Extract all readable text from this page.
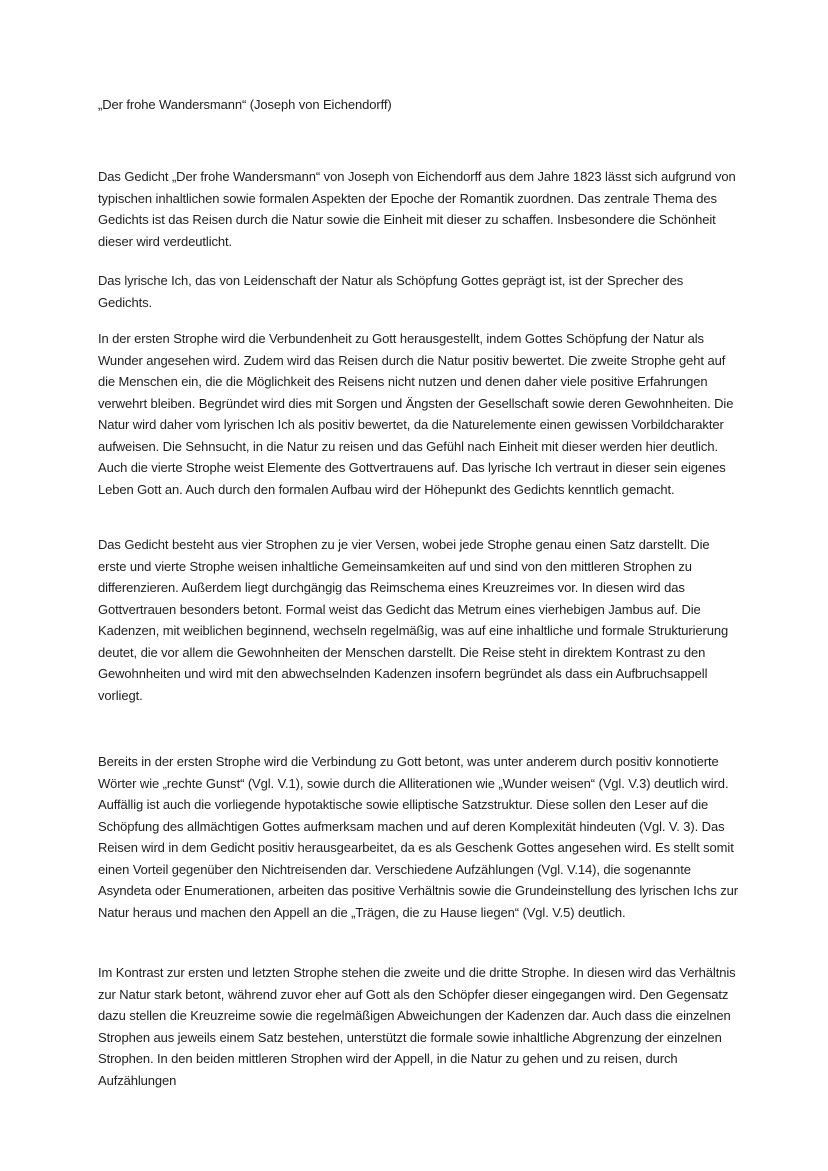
„Der frohe Wandersmann“ (Joseph von Eichendorff)

Das Gedicht „Der frohe Wandersmann“ von Joseph von Eichendorff aus dem Jahre 1823 lässt sich aufgrund von typischen inhaltlichen sowie formalen Aspekten der Epoche der Romantik zuordnen. Das zentrale Thema des Gedichts ist das Reisen durch die Natur sowie die Einheit mit dieser zu schaffen. Insbesondere die Schönheit dieser wird verdeutlicht.

Das lyrische Ich, das von Leidenschaft der Natur als Schöpfung Gottes geprägt ist, ist der Sprecher des Gedichts.

In der ersten Strophe wird die Verbundenheit zu Gott herausgestellt, indem Gottes Schöpfung der Natur als Wunder angesehen wird. Zudem wird das Reisen durch die Natur positiv bewertet. Die zweite Strophe geht auf die Menschen ein, die die Möglichkeit des Reisens nicht nutzen und denen daher viele positive Erfahrungen verwehrt bleiben. Begründet wird dies mit Sorgen und Ängsten der Gesellschaft sowie deren Gewohnheiten. Die Natur wird daher vom lyrischen Ich als positiv bewertet, da die Naturelemente einen gewissen Vorbildcharakter aufweisen. Die Sehnsucht, in die Natur zu reisen und das Gefühl nach Einheit mit dieser werden hier deutlich. Auch die vierte Strophe weist Elemente des Gottvertrauens auf. Das lyrische Ich vertraut in dieser sein eigenes Leben Gott an. Auch durch den formalen Aufbau wird der Höhepunkt des Gedichts kenntlich gemacht.

Das Gedicht besteht aus vier Strophen zu je vier Versen, wobei jede Strophe genau einen Satz darstellt. Die erste und vierte Strophe weisen inhaltliche Gemeinsamkeiten auf und sind von den mittleren Strophen zu differenzieren. Außerdem liegt durchgängig das Reimschema eines Kreuzreimes vor. In diesen wird das Gottvertrauen besonders betont. Formal weist das Gedicht das Metrum eines vierhebigen Jambus auf. Die Kadenzen, mit weiblichen beginnend, wechseln regelmäßig, was auf eine inhaltliche und formale Strukturierung deutet, die vor allem die Gewohnheiten der Menschen darstellt. Die Reise steht in direktem Kontrast zu den Gewohnheiten und wird mit den abwechselnden Kadenzen insofern begründet als dass ein Aufbruchsappell vorliegt.

Bereits in der ersten Strophe wird die Verbindung zu Gott betont, was unter anderem durch positiv konnotierte Wörter wie „rechte Gunst“ (Vgl. V.1), sowie durch die Alliterationen wie „Wunder weisen“ (Vgl. V.3) deutlich wird. Auffällig ist auch die vorliegende hypotaktische sowie elliptische Satzstruktur. Diese sollen den Leser auf die Schöpfung des allmächtigen Gottes aufmerksam machen und auf deren Komplexität hindeuten (Vgl. V. 3). Das Reisen wird in dem Gedicht positiv herausgearbeitet, da es als Geschenk Gottes angesehen wird. Es stellt somit einen Vorteil gegenüber den Nichtreisenden dar. Verschiedene Aufzählungen (Vgl. V.14), die sogenannte Asyndeta oder Enumerationen, arbeiten das positive Verhältnis sowie die Grundeinstellung des lyrischen Ichs zur Natur heraus und machen den Appell an die „Trägen, die zu Hause liegen“ (Vgl. V.5) deutlich.

Im Kontrast zur ersten und letzten Strophe stehen die zweite und die dritte Strophe. In diesen wird das Verhältnis zur Natur stark betont, während zuvor eher auf Gott als den Schöpfer dieser eingegangen wird. Den Gegensatz dazu stellen die Kreuzreime sowie die regelmäßigen Abweichungen der Kadenzen dar. Auch dass die einzelnen Strophen aus jeweils einem Satz bestehen, unterstützt die formale sowie inhaltliche Abgrenzung der einzelnen Strophen. In den beiden mittleren Strophen wird der Appell, in die Natur zu gehen und zu reisen, durch Aufzählungen
